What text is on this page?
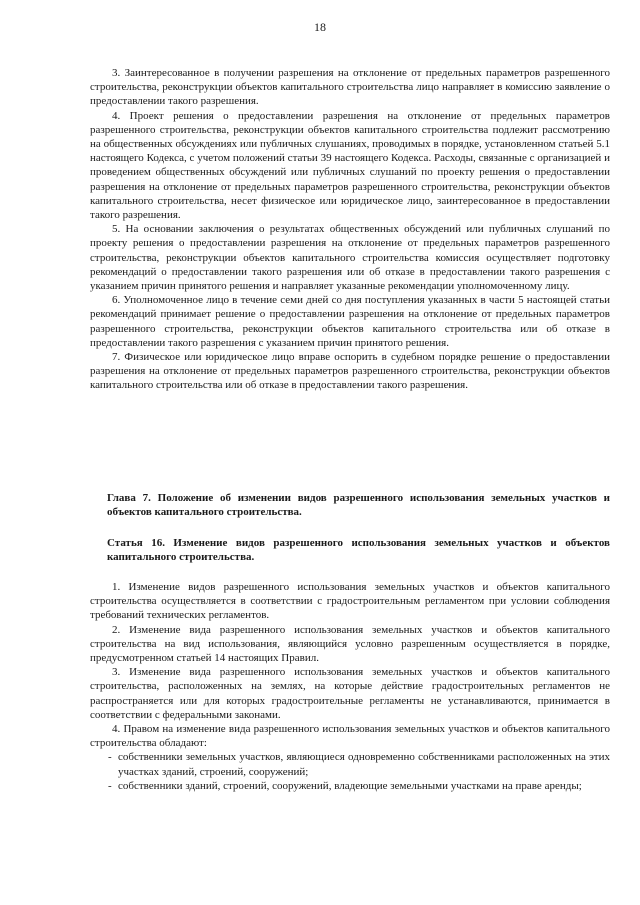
18

3. Заинтересованное в получении разрешения на отклонение от предельных параметров разрешенного строительства, реконструкции объектов капитального строительства лицо направляет в комиссию заявление о предоставлении такого разрешения.

4. Проект решения о предоставлении разрешения на отклонение от предельных параметров разрешенного строительства, реконструкции объектов капитального строительства подлежит рассмотрению на общественных обсуждениях или публичных слушаниях, проводимых в порядке, установленном статьей 5.1 настоящего Кодекса, с учетом положений статьи 39 настоящего Кодекса. Расходы, связанные с организацией и проведением общественных обсуждений или публичных слушаний по проекту решения о предоставлении разрешения на отклонение от предельных параметров разрешенного строительства, реконструкции объектов капитального строительства, несет физическое или юридическое лицо, заинтересованное в предоставлении такого разрешения.

5. На основании заключения о результатах общественных обсуждений или публичных слушаний по проекту решения о предоставлении разрешения на отклонение от предельных параметров разрешенного строительства, реконструкции объектов капитального строительства комиссия осуществляет подготовку рекомендаций о предоставлении такого разрешения или об отказе в предоставлении такого разрешения с указанием причин принятого решения и направляет указанные рекомендации уполномоченному лицу.

6. Уполномоченное лицо в течение семи дней со дня поступления указанных в части 5 настоящей статьи рекомендаций принимает решение о предоставлении разрешения на отклонение от предельных параметров разрешенного строительства, реконструкции объектов капитального строительства или об отказе в предоставлении такого разрешения с указанием причин принятого решения.

7. Физическое или юридическое лицо вправе оспорить в судебном порядке решение о предоставлении разрешения на отклонение от предельных параметров разрешенного строительства, реконструкции объектов капитального строительства или об отказе в предоставлении такого разрешения.

Глава 7. Положение об изменении видов разрешенного использования земельных участков и объектов капитального строительства.

Статья 16. Изменение видов разрешенного использования земельных участков и объектов капитального строительства.

1. Изменение видов разрешенного использования земельных участков и объектов капитального строительства осуществляется в соответствии с градостроительным регламентом при условии соблюдения требований технических регламентов.

2. Изменение вида разрешенного использования земельных участков и объектов капитального строительства на вид использования, являющийся условно разрешенным осуществляется в порядке, предусмотренном статьей 14 настоящих Правил.

3. Изменение вида разрешенного использования земельных участков и объектов капитального строительства, расположенных на землях, на которые действие градостроительных регламентов не распространяется или для которых градостроительные регламенты не устанавливаются, принимается в соответствии с федеральными законами.

4. Правом на изменение вида разрешенного использования земельных участков и объектов капитального строительства обладают:

- собственники земельных участков, являющиеся одновременно собственниками расположенных на этих участках зданий, строений, сооружений;
- собственники зданий, строений, сооружений, владеющие земельными участками на праве аренды;
